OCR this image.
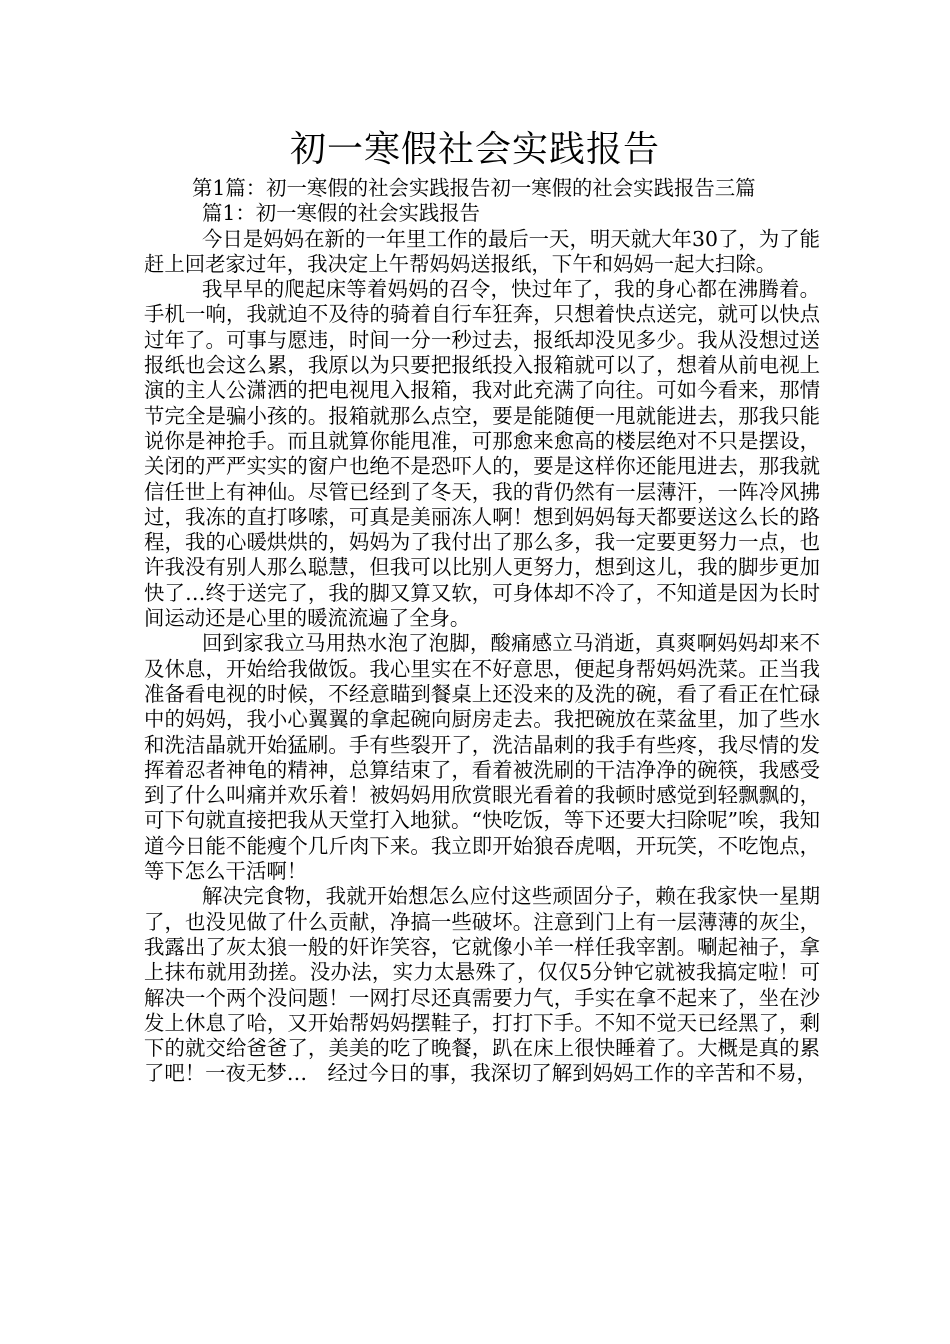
初一寒假社会实践报告

第1篇：初一寒假的社会实践报告初一寒假的社会实践报告三篇

篇1：初一寒假的社会实践报告

今日是妈妈在新的一年里工作的最后一天，明天就大年30了，为了能赶上回老家过年，我决定上午帮妈妈送报纸，下午和妈妈一起大扫除。

我早早的爬起床等着妈妈的召令，快过年了，我的身心都在沸腾着。手机一响，我就迫不及待的骑着自行车狂奔，只想着快点送完，就可以快点过年了。可事与愿违，时间一分一秒过去，报纸却没见多少。我从没想过送报纸也会这么累，我原以为只要把报纸投入报箱就可以了，想着从前电视上演的主人公潇洒的把电视甩入报箱，我对此充满了向往。可如今看来，那情节完全是骗小孩的。报箱就那么点空，要是能随便一甩就能进去，那我只能说你是神抢手。而且就算你能甩准，可那愈来愈高的楼层绝对不只是摆设，关闭的严严实实的窗户也绝不是恐吓人的，要是这样你还能甩进去，那我就信任世上有神仙。尽管已经到了冬天，我的背仍然有一层薄汗，一阵冷风拂过，我冻的直打哆嗦，可真是美丽冻人啊！想到妈妈每天都要送这么长的路程，我的心暖烘烘的，妈妈为了我付出了那么多，我一定要更努力一点，也许我没有别人那么聪慧，但我可以比别人更努力，想到这儿，我的脚步更加快了…终于送完了，我的脚又算又软，可身体却不冷了，不知道是因为长时间运动还是心里的暖流流遍了全身。

回到家我立马用热水泡了泡脚，酸痛感立马消逝，真爽啊妈妈却来不及休息，开始给我做饭。我心里实在不好意思，便起身帮妈妈洗菜。正当我准备看电视的时候，不经意瞄到餐桌上还没来的及洗的碗，看了看正在忙碌中的妈妈，我小心翼翼的拿起碗向厨房走去。我把碗放在菜盆里，加了些水和洗洁晶就开始猛刷。手有些裂开了，洗洁晶刺的我手有些疼，我尽情的发挥着忍者神龟的精神，总算结束了，看着被洗刷的干洁净净的碗筷，我感受到了什么叫痛并欢乐着！被妈妈用欣赏眼光看着的我顿时感觉到轻飘飘的，可下句就直接把我从天堂打入地狱。“快吃饭，等下还要大扫除呢”唉，我知道今日能不能瘦个几斤肉下来。我立即开始狼吞虎咽，开玩笑，不吃饱点，等下怎么干活啊！

解决完食物，我就开始想怎么应付这些顽固分子，赖在我家快一星期了，也没见做了什么贡献，净搞一些破坏。注意到门上有一层薄薄的灰尘，我露出了灰太狼一般的奸诈笑容，它就像小羊一样任我宰割。唰起袖子，拿上抹布就用劲搓。没办法，实力太悬殊了，仅仅5分钟它就被我搞定啦！可解决一个两个没问题！一网打尽还真需要力气，手实在拿不起来了，坐在沙发上休息了哈，又开始帮妈妈摆鞋子，打打下手。不知不觉天已经黑了，剩下的就交给爸爸了，美美的吃了晚餐，趴在床上很快睡着了。大概是真的累了吧！一夜无梦…　经过今日的事，我深切了解到妈妈工作的辛苦和不易，
